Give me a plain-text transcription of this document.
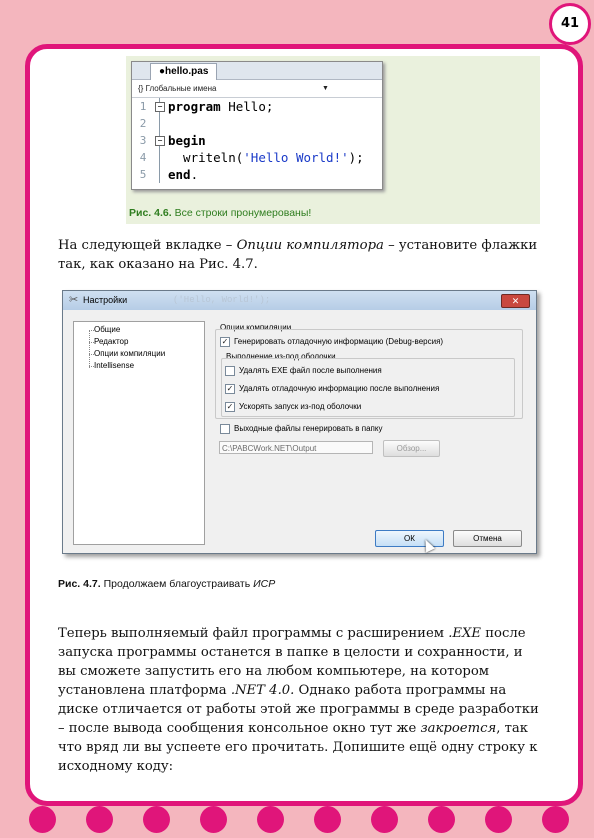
41
●hello.pas
{} Глобальные имена	▼
1	− program Hello;
2
3	− begin
4	writeln('Hello World!');
5	end.
Рис. 4.6. Все строки пронумерованы!
На следующей вкладке – Опции компилятора – установите флажки так, как оказано на Рис. 4.7.
✂ Настройки	('Hello, World!');	✕
Общие
Редактор
Опции компиляции
Intellisense
Опции компиляции
✓ Генерировать отладочную информацию (Debug-версия)
Выполнение из-под оболочки
Удалять EXE файл после выполнения
✓ Удалять отладочную информацию после выполнения
✓ Ускорять запуск из-под оболочки
Выходные файлы генерировать в папку
C:\PABCWork.NET\Output	Обзор...
ОК	Отмена
Рис. 4.7. Продолжаем благоустраивать ИСР
Теперь выполняемый файл программы с расширением .EXE после запуска программы останется в папке в целости и сохранности, и вы сможете запустить его на любом компьютере, на котором установлена платформа .NET 4.0. Однако работа программы на диске отличается от работы этой же программы в среде разработки – после вывода сообщения консольное окно тут же закроется, так что вряд ли вы успеете его прочитать. Допишите ещё одну строку к исходному коду:
